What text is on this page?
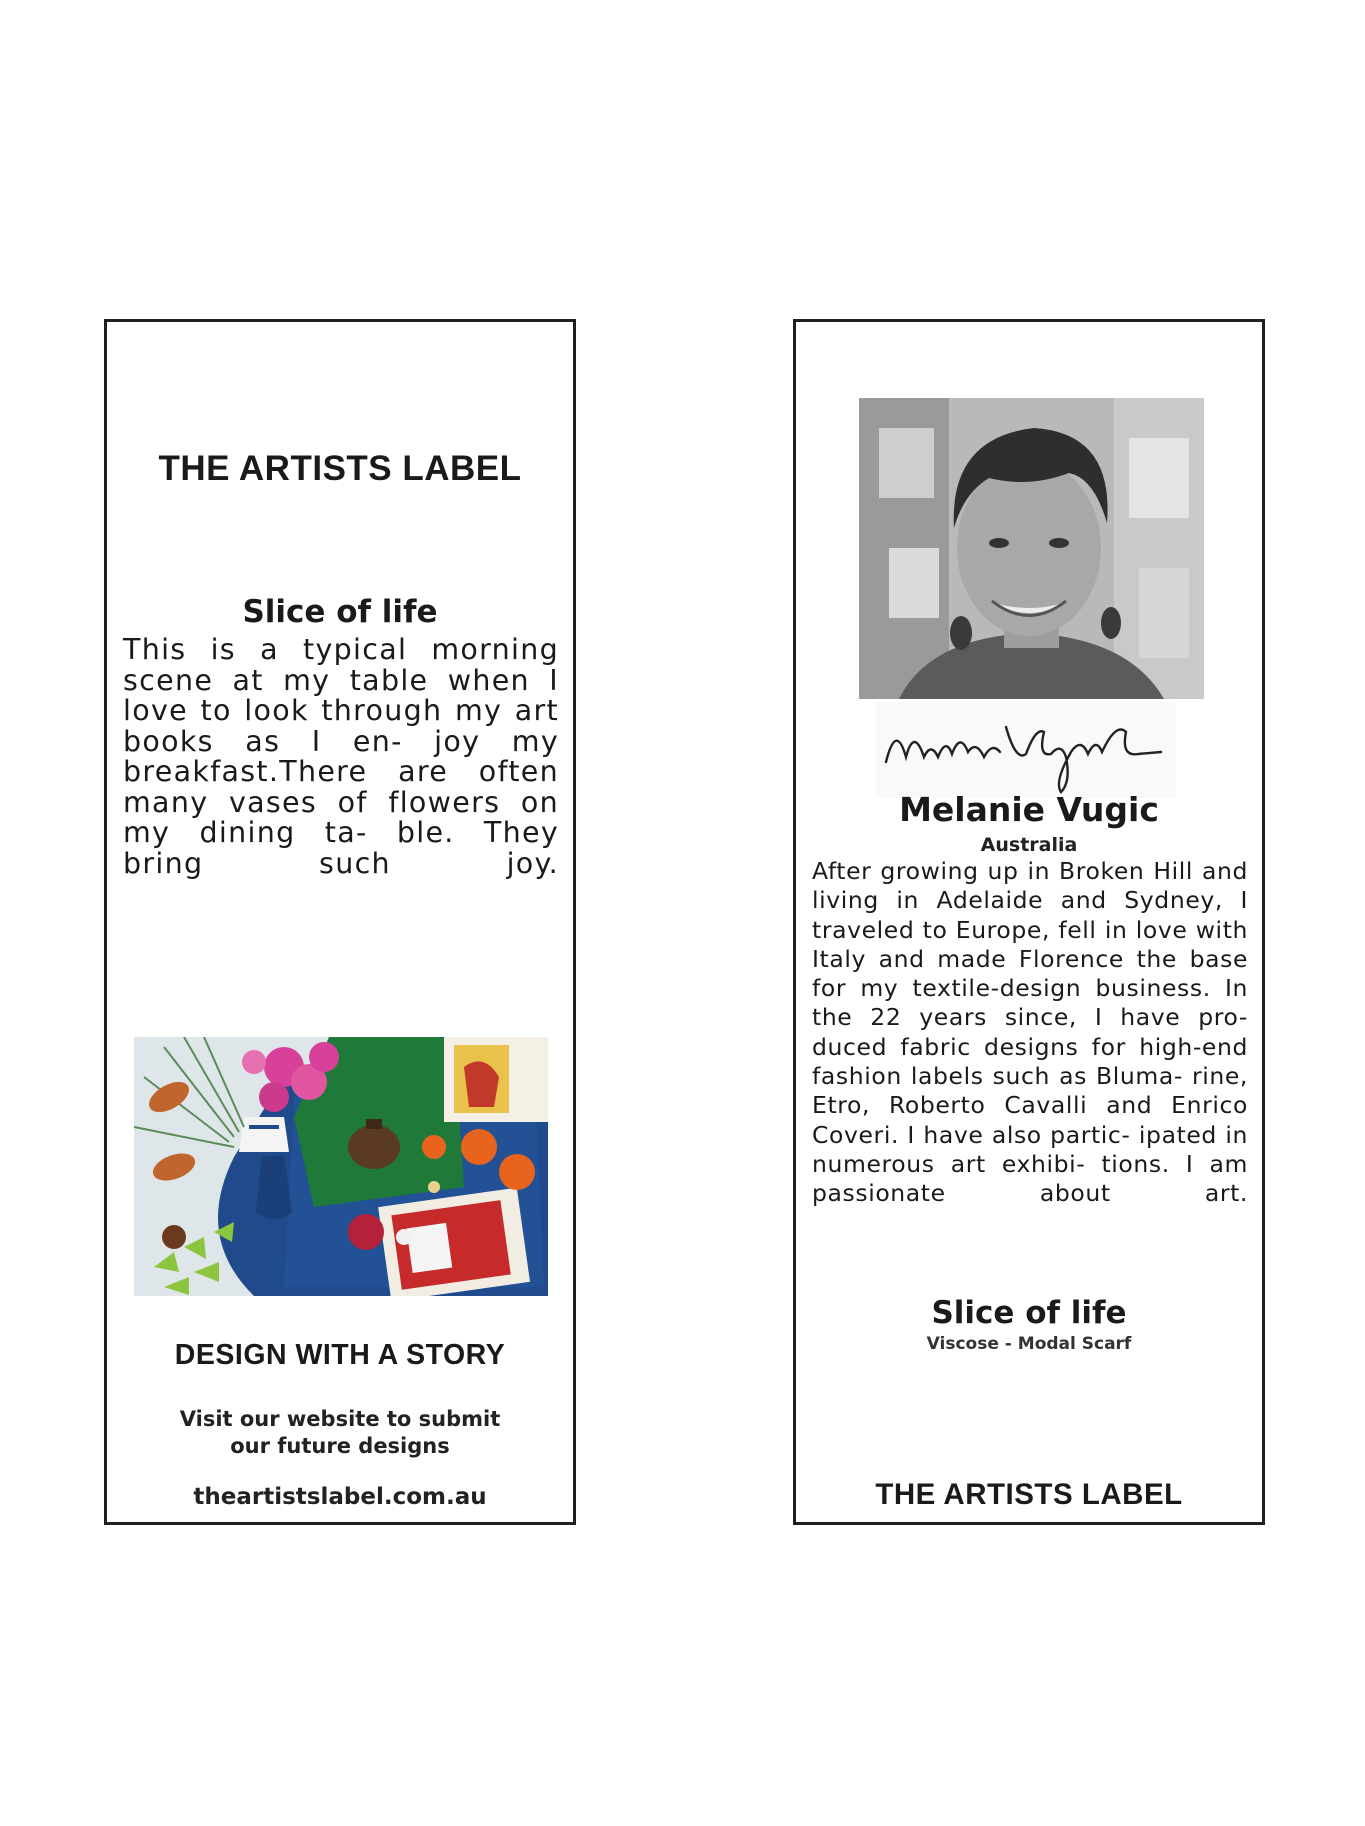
THE ARTISTS LABEL
Slice of life

This is a typical morning scene at my table when I love to look through my art books as I en- joy my breakfast.There are often many vases of flowers on my dining ta- ble. They bring such joy.

DESIGN WITH A STORY
Visit our website to submit
our future designs
theartistslabel.com.au
Melanie Vugic
Australia

After growing up in Broken Hill and living in Adelaide and Sydney, I traveled to Europe, fell in love with Italy and made Florence the base for my textile-design business. In the 22 years since, I have pro- duced fabric designs for high-end fashion labels such as Bluma- rine, Etro, Roberto Cavalli and Enrico Coveri. I have also partic- ipated in numerous art exhibi- tions. I am passionate about art.

Slice of life
Viscose - Modal Scarf
THE ARTISTS LABEL
